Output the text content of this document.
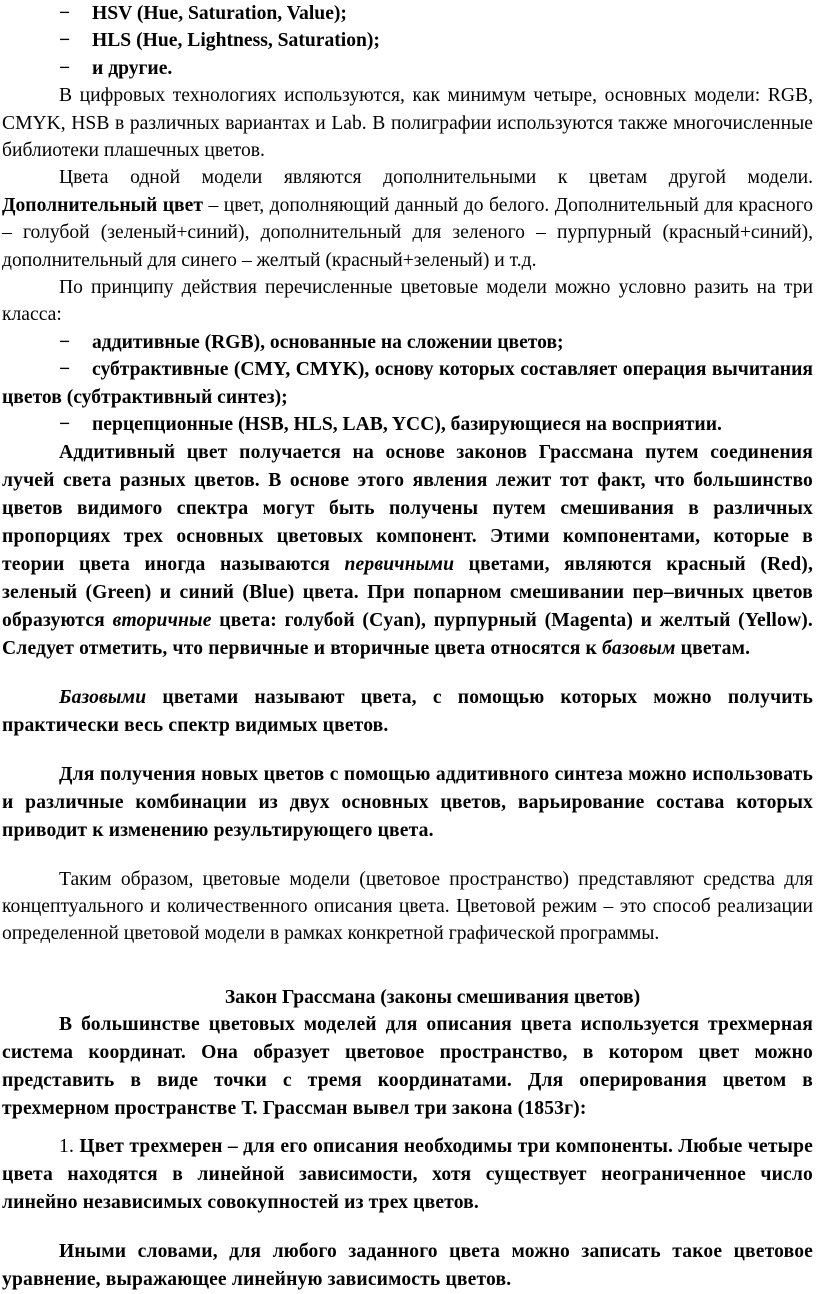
− HSV (Hue, Saturation, Value);

− HLS (Hue, Lightness, Saturation);

− и другие.

В цифровых технологиях используются, как минимум четыре, основных модели: RGB, CMYK, HSB в различных вариантах и Lab. В полиграфии используются также многочисленные библиотеки плашечных цветов.

Цвета одной модели являются дополнительными к цветам другой модели. Дополнительный цвет – цвет, дополняющий данный до белого. Дополнительный для красного – голубой (зеленый+синий), дополнительный для зеленого – пурпурный (красный+синий), дополнительный для синего – желтый (красный+зеленый) и т.д.

По принципу действия перечисленные цветовые модели можно условно разить на три класса:

− аддитивные (RGB), основанные на сложении цветов;

− субтрактивные (CMY, CMYK), основу которых составляет операция вычитания цветов (субтрактивный синтез);

− перцепционные (HSB, HLS, LAB, YCC), базирующиеся на восприятии.

Аддитивный цвет получается на основе законов Грассмана путем соединения лучей света разных цветов. В основе этого явления лежит тот факт, что большинство цветов видимого спектра могут быть получены путем смешивания в различных пропорциях трех основных цветовых компонент. Этими компонентами, которые в теории цвета иногда называются первичными цветами, являются красный (Red), зеленый (Green) и синий (Blue) цвета. При попарном смешивании пер–вичных цветов образуются вторичные цвета: голубой (Cyan), пурпурный (Magenta) и желтый (Yellow). Следует отметить, что первичные и вторичные цвета относятся к базовым цветам.

Базовыми цветами называют цвета, с помощью которых можно получить практически весь спектр видимых цветов.

Для получения новых цветов с помощью аддитивного синтеза можно использовать и различные комбинации из двух основных цветов, варьирование состава которых приводит к изменению результирующего цвета.

Таким образом, цветовые модели (цветовое пространство) представляют средства для концептуального и количественного описания цвета. Цветовой режим – это способ реализации определенной цветовой модели в рамках конкретной графической программы.

Закон Грассмана (законы смешивания цветов)

В большинстве цветовых моделей для описания цвета используется трехмерная система координат. Она образует цветовое пространство, в котором цвет можно представить в виде точки с тремя координатами. Для оперирования цветом в трехмерном пространстве Т. Грассман вывел три закона (1853г):

1. Цвет трехмерен – для его описания необходимы три компоненты. Любые четыре цвета находятся в линейной зависимости, хотя существует неограниченное число линейно независимых совокупностей из трех цветов.

Иными словами, для любого заданного цвета можно записать такое цветовое уравнение, выражающее линейную зависимость цветов.
